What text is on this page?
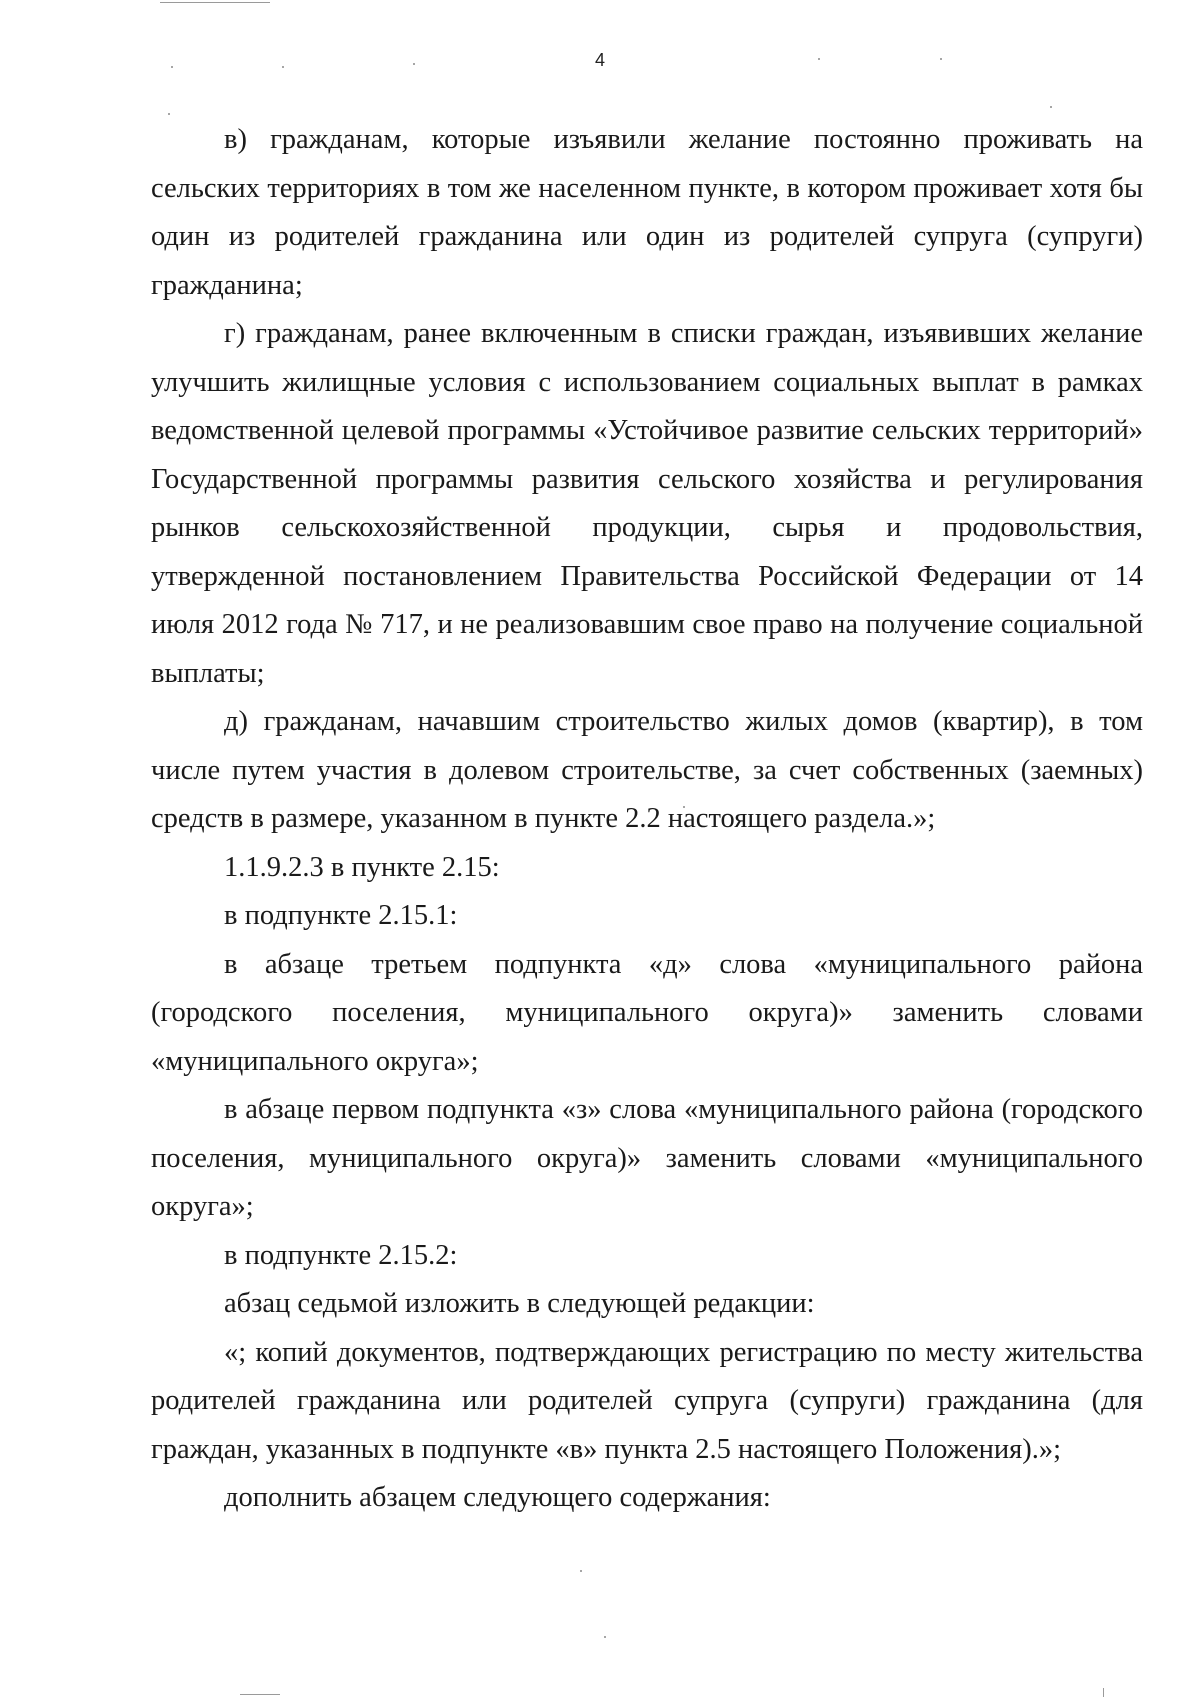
4

в) гражданам, которые изъявили желание постоянно проживать на сельских территориях в том же населенном пункте, в котором проживает хотя бы один из родителей гражданина или один из родителей супруга (супруги) гражданина;

г) гражданам, ранее включенным в списки граждан, изъявивших желание улучшить жилищные условия с использованием социальных выплат в рамках ведомственной целевой программы «Устойчивое развитие сельских территорий» Государственной программы развития сельского хозяйства и регулирования рынков сельскохозяйственной продукции, сырья и продовольствия, утвержденной постановлением Правительства Российской Федерации от 14 июля 2012 года № 717, и не реализовавшим свое право на получение социальной выплаты;

д) гражданам, начавшим строительство жилых домов (квартир), в том числе путем участия в долевом строительстве, за счет собственных (заемных) средств в размере, указанном в пункте 2.2 настоящего раздела.»;

1.1.9.2.3 в пункте 2.15:

в подпункте 2.15.1:

в абзаце третьем подпункта «д» слова «муниципального района (городского поселения, муниципального округа)» заменить словами «муниципального округа»;

в абзаце первом подпункта «з» слова «муниципального района (городского поселения, муниципального округа)» заменить словами «муниципального округа»;

в подпункте 2.15.2:

абзац седьмой изложить в следующей редакции:

«; копий документов, подтверждающих регистрацию по месту жительства родителей гражданина или родителей супруга (супруги) гражданина (для граждан, указанных в подпункте «в» пункта 2.5 настоящего Положения).»;

дополнить абзацем следующего содержания:
